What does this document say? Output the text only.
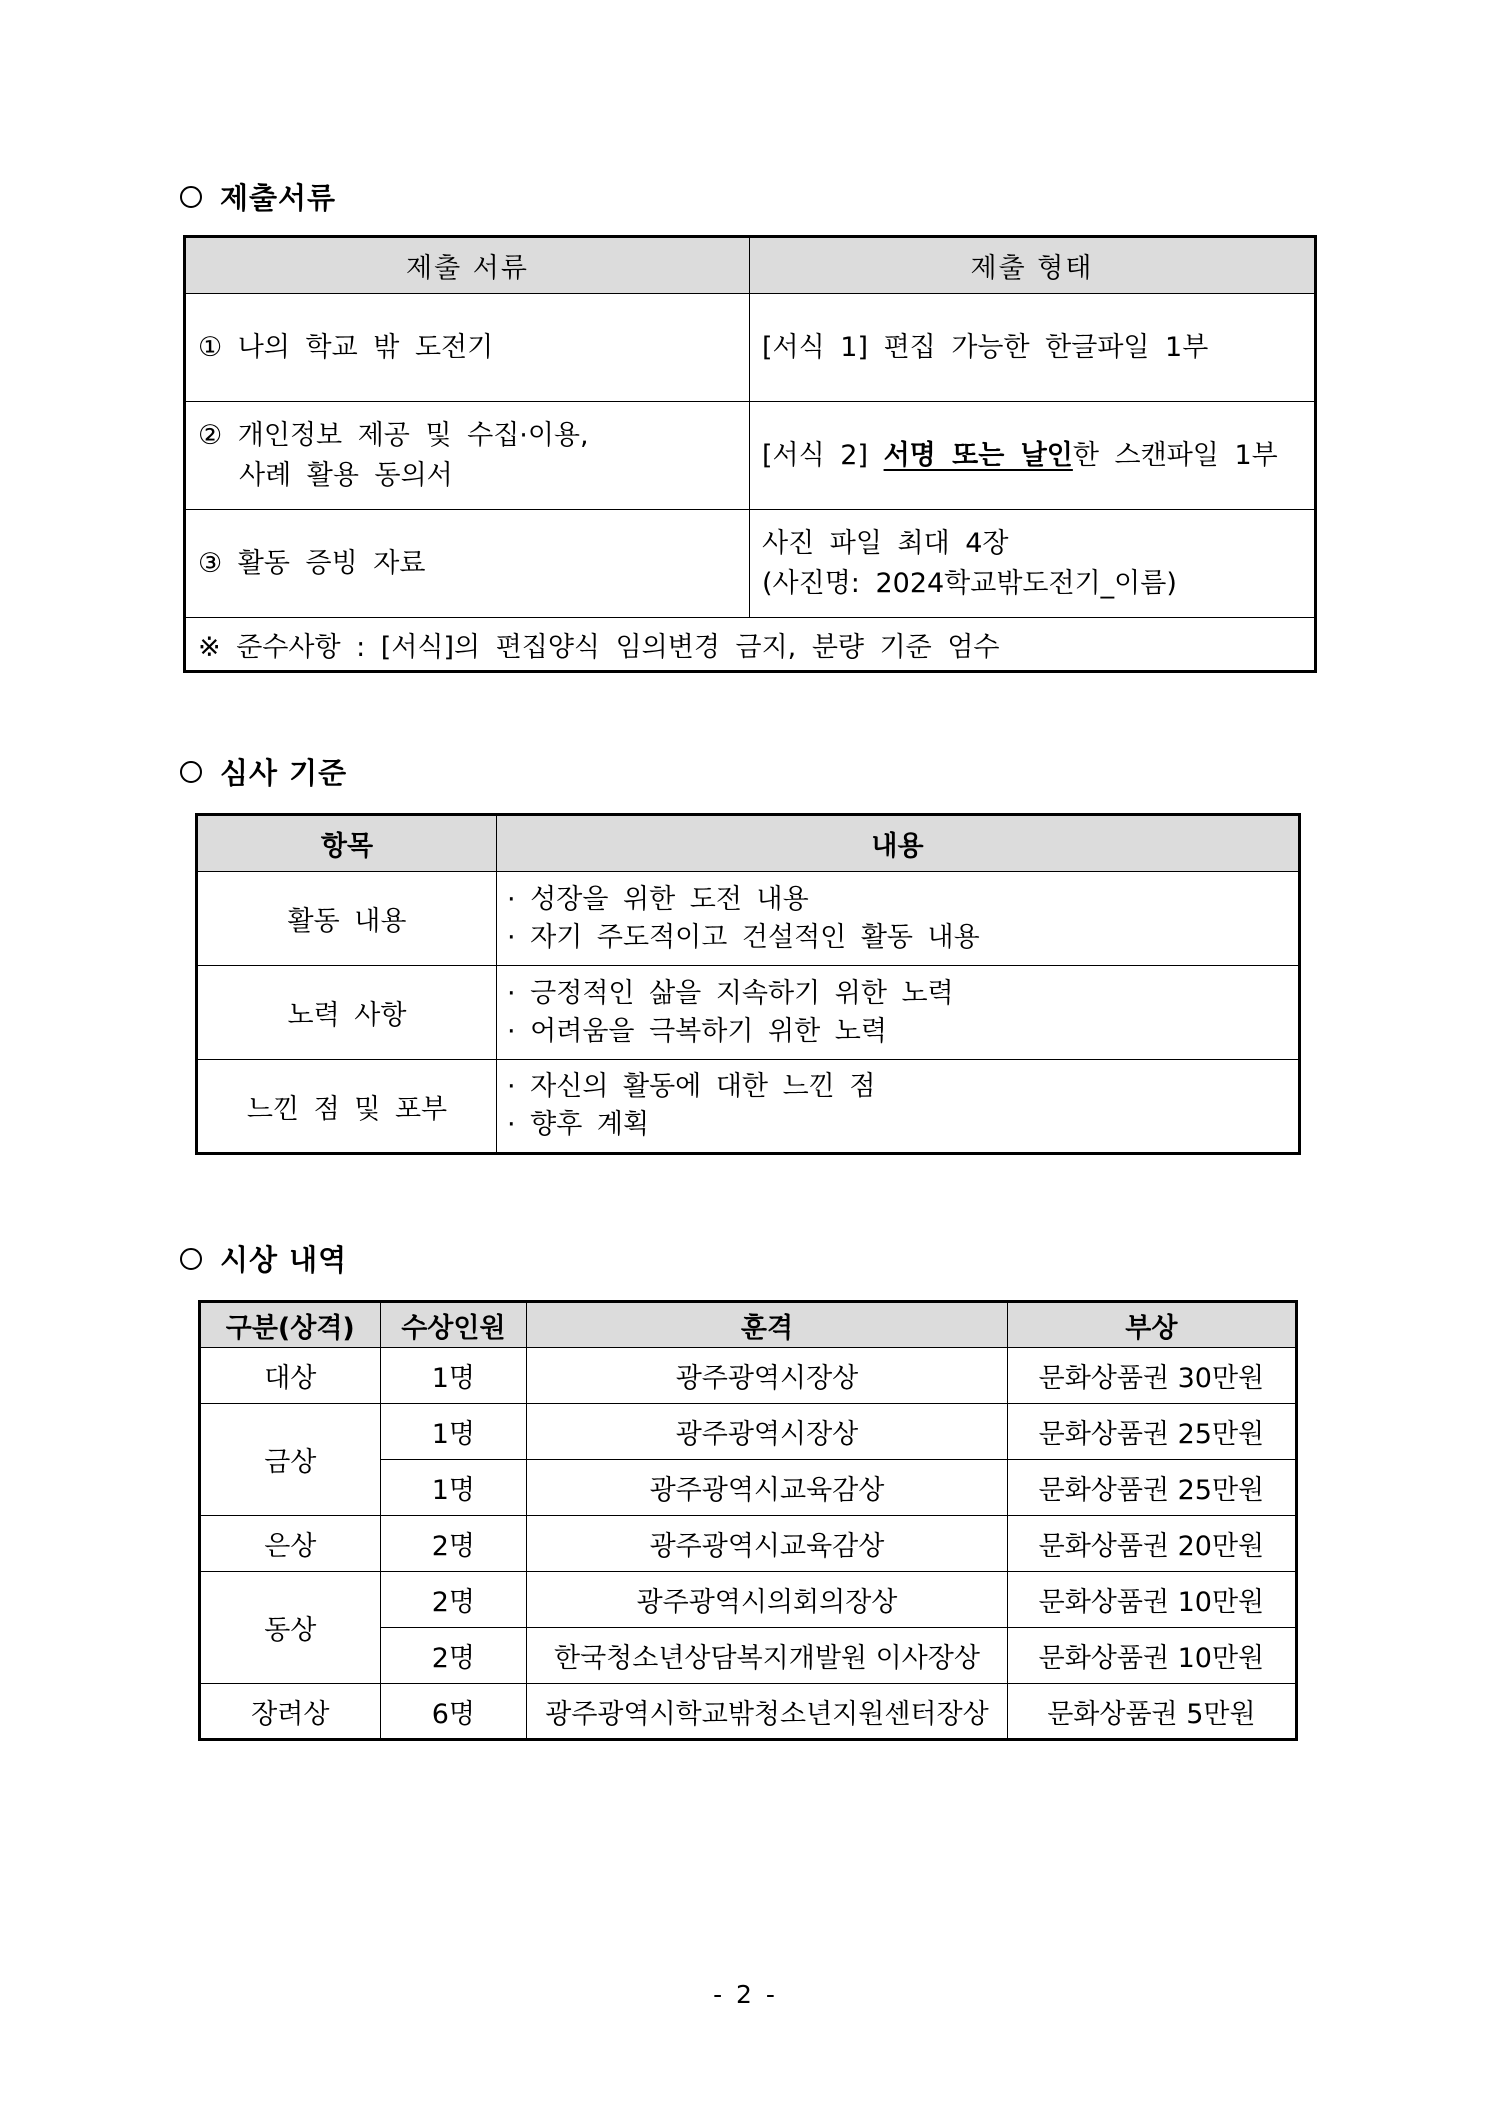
제출서류
제출 서류	제출 형태

① 나의 학교 밖 도전기	[서식 1] 편집 가능한 한글파일 1부

② 개인정보 제공 및 수집·이용,
사례 활용 동의서	[서식 2] 서명 또는 날인한 스캔파일 1부

③ 활동 증빙 자료	사진 파일 최대 4장
(사진명: 2024학교밖도전기_이름)

※ 준수사항 : [서식]의 편집양식 임의변경 금지, 분량 기준 엄수	
심사 기준
항목	내용
활동 내용	· 성장을 위한 도전 내용
· 자기 주도적이고 건설적인 활동 내용

노력 사항	· 긍정적인 삶을 지속하기 위한 노력
· 어려움을 극복하기 위한 노력

느낀 점 및 포부	· 자신의 활동에 대한 느낀 점
· 향후 계획
시상 내역
구분(상격)	수상인원	훈격	부상
대상	1명	광주광역시장상	문화상품권 30만원
금상	1명	광주광역시장상	문화상품권 25만원
	1명	광주광역시교육감상	문화상품권 25만원
은상	2명	광주광역시교육감상	문화상품권 20만원
동상	2명	광주광역시의회의장상	문화상품권 10만원
	2명	한국청소년상담복지개발원 이사장상	문화상품권 10만원
장려상	6명	광주광역시학교밖청소년지원센터장상	문화상품권 5만원
- 2 -
